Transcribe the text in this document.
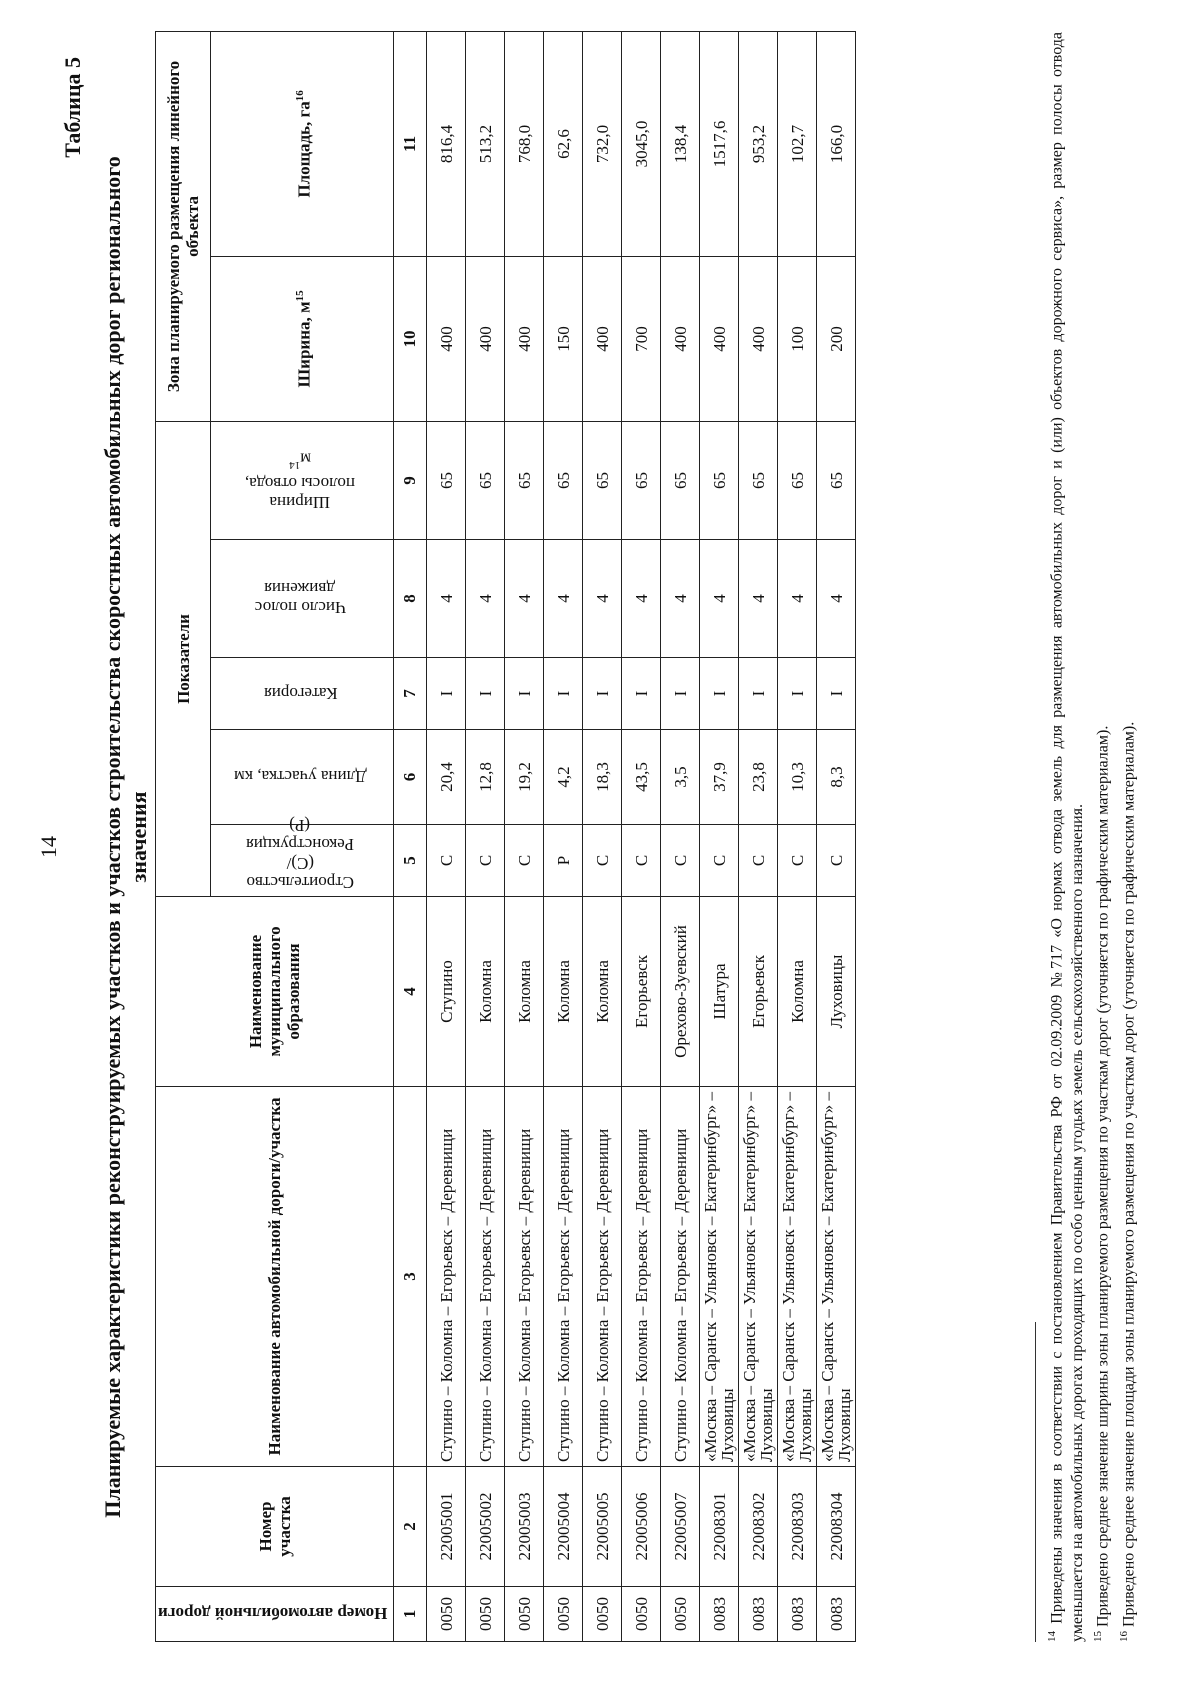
14
Таблица 5
Планируемые характеристики реконструируемых участков и участков строительства скоростных автомобильных дорог регионального значения
Номер автомобильной дороги	Номер участка	Наименование автомобильной дороги/участка	Наименование муниципального образования	Показатели					Зона планируемого размещения линейного объекта	
				Строительство (С)/ Реконструкция (Р)	Длина участка, км	Категория	Число полос движения	Ширина полосы отвода, $м^{14}$	Ширина, $м^{15}$	Площадь, $га^{16}$
1	2	3	4	5	6	7	8	9	10	11
0050	22005001	Ступино – Коломна – Егорьевск – Деревнищи	Ступино	С	20,4	I	4	65	400	816,4
0050	22005002	Ступино – Коломна – Егорьевск – Деревнищи	Коломна	С	12,8	I	4	65	400	513,2
0050	22005003	Ступино – Коломна – Егорьевск – Деревнищи	Коломна	С	19,2	I	4	65	400	768,0
0050	22005004	Ступино – Коломна – Егорьевск – Деревнищи	Коломна	Р	4,2	I	4	65	150	62,6
0050	22005005	Ступино – Коломна – Егорьевск – Деревнищи	Коломна	С	18,3	I	4	65	400	732,0
0050	22005006	Ступино – Коломна – Егорьевск – Деревнищи	Егорьевск	С	43,5	I	4	65	700	3045,0
0050	22005007	Ступино – Коломна – Егорьевск – Деревнищи	Орехово-Зуевский	С	3,5	I	4	65	400	138,4
0083	22008301	«Москва – Саранск – Ульяновск – Екатеринбург» – Луховицы	Шатура	С	37,9	I	4	65	400	1517,6
0083	22008302	«Москва – Саранск – Ульяновск – Екатеринбург» – Луховицы	Егорьевск	С	23,8	I	4	65	400	953,2
0083	22008303	«Москва – Саранск – Ульяновск – Екатеринбург» – Луховицы	Коломна	С	10,3	I	4	65	100	102,7
0083	22008304	«Москва – Саранск – Ульяновск – Екатеринбург» – Луховицы	Луховицы	С	8,3	I	4	65	200	166,0
$^{14}$ Приведены значения в соответствии с постановлением Правительства РФ от 02.09.2009 №717 «О нормах отвода земель для размещения автомобильных дорог и (или) объектов дорожного сервиса», размер полосы отвода уменьшается на автомобильных дорогах проходящих по особо ценным угодьях земель сельскохозяйственного назначения. $^{15}$ Приведено среднее значение ширины зоны планируемого размещения по участкам дорог (уточняется по графическим материалам).
$^{16}$ Приведено среднее значение площади зоны планируемого размещения по участкам дорог (уточняется по графическим материалам).
